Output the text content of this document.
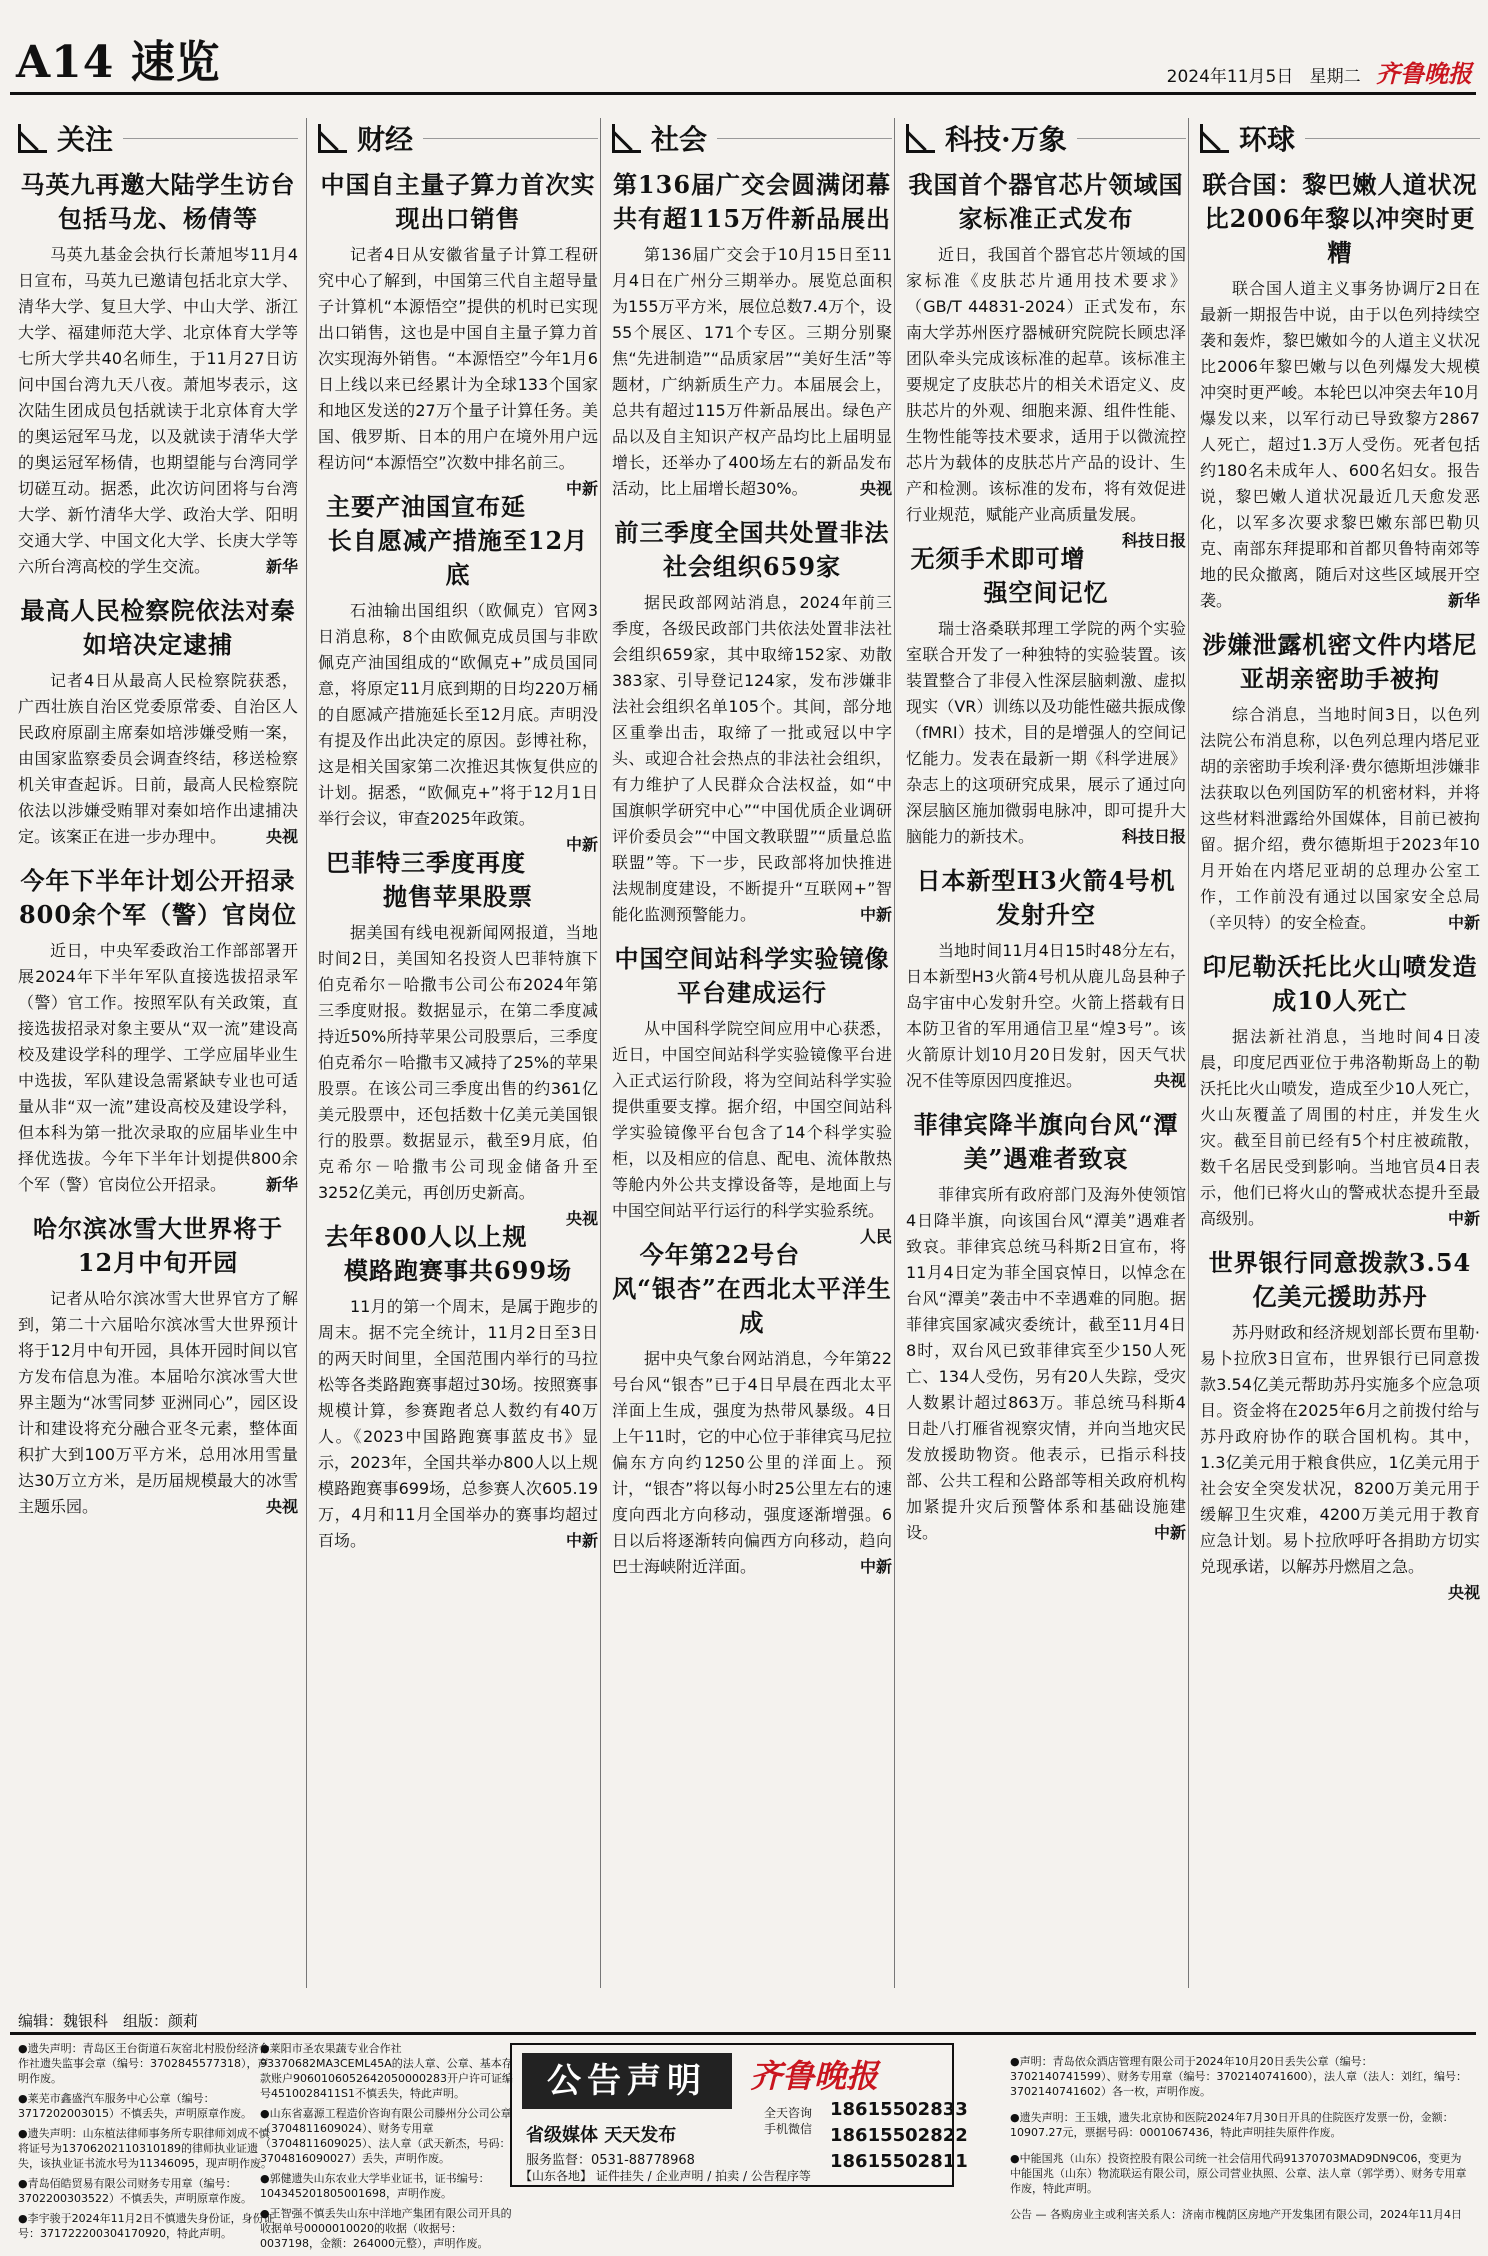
A14 速览	2024年11月5日 星期二 齐鲁晚报
关注
马英九再邀大陆学生访台包括马龙、杨倩等

马英九基金会执行长萧旭岑11月4日宣布，马英九已邀请包括北京大学、清华大学、复旦大学、中山大学、浙江大学、福建师范大学、北京体育大学等七所大学共40名师生，于11月27日访问中国台湾九天八夜。萧旭岑表示，这次陆生团成员包括就读于北京体育大学的奥运冠军马龙，以及就读于清华大学的奥运冠军杨倩，也期望能与台湾同学切磋互动。据悉，此次访问团将与台湾大学、新竹清华大学、政治大学、阳明交通大学、中国文化大学、长庚大学等六所台湾高校的学生交流。	新华

最高人民检察院依法对秦如培决定逮捕

记者4日从最高人民检察院获悉，广西壮族自治区党委原常委、自治区人民政府原副主席秦如培涉嫌受贿一案，由国家监察委员会调查终结，移送检察机关审查起诉。日前，最高人民检察院依法以涉嫌受贿罪对秦如培作出逮捕决定。该案正在进一步办理中。	央视

今年下半年计划公开招录800余个军（警）官岗位

近日，中央军委政治工作部部署开展2024年下半年军队直接选拔招录军（警）官工作。按照军队有关政策，直接选拔招录对象主要从“双一流”建设高校及建设学科的理学、工学应届毕业生中选拔，军队建设急需紧缺专业也可适量从非“双一流”建设高校及建设学科，但本科为第一批次录取的应届毕业生中择优选拔。今年下半年计划提供800余个军（警）官岗位公开招录。	新华

哈尔滨冰雪大世界将于12月中旬开园

记者从哈尔滨冰雪大世界官方了解到，第二十六届哈尔滨冰雪大世界预计将于12月中旬开园，具体开园时间以官方发布信息为准。本届哈尔滨冰雪大世界主题为“冰雪同梦 亚洲同心”，园区设计和建设将充分融合亚冬元素，整体面积扩大到100万平方米，总用冰用雪量达30万立方米，是历届规模最大的冰雪主题乐园。	央视

财经
中国自主量子算力首次实现出口销售

记者4日从安徽省量子计算工程研究中心了解到，中国第三代自主超导量子计算机“本源悟空”提供的机时已实现出口销售，这也是中国自主量子算力首次实现海外销售。“本源悟空”今年1月6日上线以来已经累计为全球133个国家和地区发送的27万个量子计算任务。美国、俄罗斯、日本的用户在境外用户远程访问“本源悟空”次数中排名前三。
中新

主要产油国宣布延长自愿减产措施至12月底

石油输出国组织（欧佩克）官网3日消息称，8个由欧佩克成员国与非欧佩克产油国组成的“欧佩克+”成员国同意，将原定11月底到期的日均220万桶的自愿减产措施延长至12月底。声明没有提及作出此决定的原因。彭博社称，这是相关国家第二次推迟其恢复供应的计划。据悉，“欧佩克+”将于12月1日举行会议，审查2025年政策。
中新

巴菲特三季度再度抛售苹果股票

据美国有线电视新闻网报道，当地时间2日，美国知名投资人巴菲特旗下伯克希尔－哈撒韦公司公布2024年第三季度财报。数据显示，在第二季度减持近50%所持苹果公司股票后，三季度伯克希尔－哈撒韦又减持了25%的苹果股票。在该公司三季度出售的约361亿美元股票中，还包括数十亿美元美国银行的股票。数据显示，截至9月底，伯克希尔－哈撒韦公司现金储备升至3252亿美元，再创历史新高。
央视

去年800人以上规模路跑赛事共699场

11月的第一个周末，是属于跑步的周末。据不完全统计，11月2日至3日的两天时间里，全国范围内举行的马拉松等各类路跑赛事超过30场。按照赛事规模计算，参赛跑者总人数约有40万人。《2023中国路跑赛事蓝皮书》显示，2023年，全国共举办800人以上规模路跑赛事699场，总参赛人次605.19万，4月和11月全国举办的赛事均超过百场。	中新

社会
第136届广交会圆满闭幕共有超115万件新品展出

第136届广交会于10月15日至11月4日在广州分三期举办。展览总面积为155万平方米，展位总数7.4万个，设55个展区、171个专区。三期分别聚焦“先进制造”“品质家居”“美好生活”等题材，广纳新质生产力。本届展会上，总共有超过115万件新品展出。绿色产品以及自主知识产权产品均比上届明显增长，还举办了400场左右的新品发布活动，比上届增长超30%。	央视

前三季度全国共处置非法社会组织659家

据民政部网站消息，2024年前三季度，各级民政部门共依法处置非法社会组织659家，其中取缔152家、劝散383家、引导登记124家，发布涉嫌非法社会组织名单105个。其间，部分地区重拳出击，取缔了一批或冠以中字头、或迎合社会热点的非法社会组织，有力维护了人民群众合法权益，如“中国旗帜学研究中心”“中国优质企业调研评价委员会”“中国文教联盟”“质量总监联盟”等。下一步，民政部将加快推进法规制度建设，不断提升“互联网+”智能化监测预警能力。	中新

中国空间站科学实验镜像平台建成运行

从中国科学院空间应用中心获悉，近日，中国空间站科学实验镜像平台进入正式运行阶段，将为空间站科学实验提供重要支撑。据介绍，中国空间站科学实验镜像平台包含了14个科学实验柜，以及相应的信息、配电、流体散热等舱内外公共支撑设备等，是地面上与中国空间站平行运行的科学实验系统。
人民

今年第22号台风“银杏”在西北太平洋生成

据中央气象台网站消息，今年第22号台风“银杏”已于4日早晨在西北太平洋面上生成，强度为热带风暴级。4日上午11时，它的中心位于菲律宾马尼拉偏东方向约1250公里的洋面上。预计，“银杏”将以每小时25公里左右的速度向西北方向移动，强度逐渐增强。6日以后将逐渐转向偏西方向移动，趋向巴士海峡附近洋面。	中新

科技·万象
我国首个器官芯片领域国家标准正式发布

近日，我国首个器官芯片领域的国家标准《皮肤芯片通用技术要求》（GB/T 44831-2024）正式发布，东南大学苏州医疗器械研究院院长顾忠泽团队牵头完成该标准的起草。该标准主要规定了皮肤芯片的相关术语定义、皮肤芯片的外观、细胞来源、组件性能、生物性能等技术要求，适用于以微流控芯片为载体的皮肤芯片产品的设计、生产和检测。该标准的发布，将有效促进行业规范，赋能产业高质量发展。
科技日报

无须手术即可增强空间记忆

瑞士洛桑联邦理工学院的两个实验室联合开发了一种独特的实验装置。该装置整合了非侵入性深层脑刺激、虚拟现实（VR）训练以及功能性磁共振成像（fMRI）技术，目的是增强人的空间记忆能力。发表在最新一期《科学进展》杂志上的这项研究成果，展示了通过向深层脑区施加微弱电脉冲，即可提升大脑能力的新技术。	科技日报

日本新型H3火箭4号机发射升空

当地时间11月4日15时48分左右，日本新型H3火箭4号机从鹿儿岛县种子岛宇宙中心发射升空。火箭上搭载有日本防卫省的军用通信卫星“煌3号”。该火箭原计划10月20日发射，因天气状况不佳等原因四度推迟。	央视

菲律宾降半旗向台风“潭美”遇难者致哀

菲律宾所有政府部门及海外使领馆4日降半旗，向该国台风“潭美”遇难者致哀。菲律宾总统马科斯2日宣布，将11月4日定为菲全国哀悼日，以悼念在台风“潭美”袭击中不幸遇难的同胞。据菲律宾国家减灾委统计，截至11月4日8时，双台风已致菲律宾至少150人死亡、134人受伤，另有20人失踪，受灾人数累计超过863万。菲总统马科斯4日赴八打雁省视察灾情，并向当地灾民发放援助物资。他表示，已指示科技部、公共工程和公路部等相关政府机构加紧提升灾后预警体系和基础设施建设。	中新

环球
联合国：黎巴嫩人道状况比2006年黎以冲突时更糟

联合国人道主义事务协调厅2日在最新一期报告中说，由于以色列持续空袭和轰炸，黎巴嫩如今的人道主义状况比2006年黎巴嫩与以色列爆发大规模冲突时更严峻。本轮巴以冲突去年10月爆发以来，以军行动已导致黎方2867人死亡，超过1.3万人受伤。死者包括约180名未成年人、600名妇女。报告说，黎巴嫩人道状况最近几天愈发恶化，以军多次要求黎巴嫩东部巴勒贝克、南部东拜提耶和首都贝鲁特南郊等地的民众撤离，随后对这些区域展开空袭。	新华

涉嫌泄露机密文件内塔尼亚胡亲密助手被拘

综合消息，当地时间3日，以色列法院公布消息称，以色列总理内塔尼亚胡的亲密助手埃利泽·费尔德斯坦涉嫌非法获取以色列国防军的机密材料，并将这些材料泄露给外国媒体，目前已被拘留。据介绍，费尔德斯坦于2023年10月开始在内塔尼亚胡的总理办公室工作，工作前没有通过以国家安全总局（辛贝特）的安全检查。	中新

印尼勒沃托比火山喷发造成10人死亡

据法新社消息，当地时间4日凌晨，印度尼西亚位于弗洛勒斯岛上的勒沃托比火山喷发，造成至少10人死亡，火山灰覆盖了周围的村庄，并发生火灾。截至目前已经有5个村庄被疏散，数千名居民受到影响。当地官员4日表示，他们已将火山的警戒状态提升至最高级别。	中新

世界银行同意拨款3.54亿美元援助苏丹

苏丹财政和经济规划部长贾布里勒·易卜拉欣3日宣布，世界银行已同意拨款3.54亿美元帮助苏丹实施多个应急项目。资金将在2025年6月之前拨付给与苏丹政府协作的联合国机构。其中，1.3亿美元用于粮食供应，1亿美元用于社会安全突发状况，8200万美元用于缓解卫生灾难，4200万美元用于教育应急计划。易卜拉欣呼吁各捐助方切实兑现承诺，以解苏丹燃眉之急。
央视

编辑：魏银科　组版：颜莉

●遗失声明：青岛区王台街道石灰窑北村股份经济合作社遗失监事会章（编号：3702845577318），声明作废。

●莱芜市鑫盛汽车服务中心公章（编号：3717202003015）不慎丢失，声明原章作废。

●遗失声明：山东植法律师事务所专职律师刘成不慎将证号为13706202110310189的律师执业证遗失，该执业证书流水号为11346095，现声明作废。

●青岛佰皓贸易有限公司财务专用章（编号：3702200303522）不慎丢失，声明原章作废。

●李宇骏于2024年11月2日不慎遗失身份证，身份证号：371722200304170920，特此声明。

●莱阳市圣农果蔬专业合作社93370682MA3CEML45A的法人章、公章、基本存款账户9060106052642050000283开户许可证编号4510028411S1不慎丢失，特此声明。

●山东省嘉源工程造价咨询有限公司滕州分公司公章（3704811609024）、财务专用章（3704811609025）、法人章（武天新杰，号码：3704816090027）丢失，声明作废。

●郭健遗失山东农业大学毕业证书，证书编号：104345201805001698，声明作废。

●王智强不慎丢失山东中洋地产集团有限公司开具的收据单号0000010020的收据（收据号：0037198，金额：264000元整），声明作废。

公告声明	齐鲁晚报
省级媒体 天天发布
服务监督：0531-88778968
全天咨询 手机微信
18615502833
18615502822
18615502811
【山东各地】 证件挂失 / 企业声明 / 拍卖 / 公告程序等

●声明：青岛依众酒店管理有限公司于2024年10月20日丢失公章（编号：3702140741599）、财务专用章（编号：3702140741600），法人章（法人：刘红，编号：3702140741602）各一枚，声明作废。

●遗失声明：王玉娥，遗失北京协和医院2024年7月30日开具的住院医疗发票一份，金额：10907.27元，票据号码：0001067436，特此声明挂失原件作废。

●中能国兆（山东）投资控股有限公司统一社会信用代码91370703MAD9DN9C06，变更为中能国兆（山东）物流联运有限公司，原公司营业执照、公章、法人章（郭学勇）、财务专用章作废，特此声明。

公告 — 各购房业主或利害关系人：济南市槐荫区房地产开发集团有限公司，2024年11月4日
